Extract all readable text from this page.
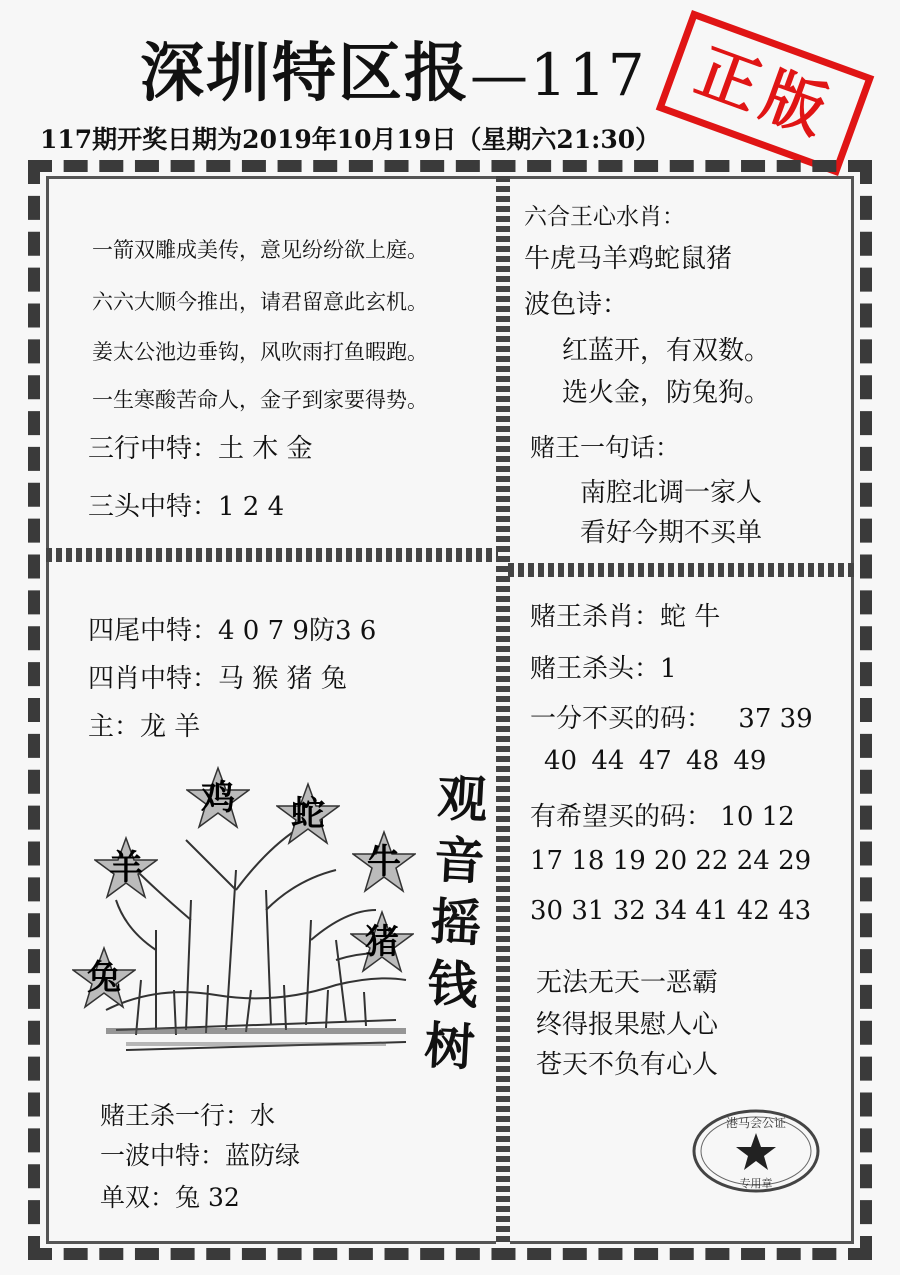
深圳特区报—117
117期开奖日期为2019年10月19日（星期六21:30） 正版
一箭双雕成美传，意见纷纷欲上庭。
六六大顺今推出，请君留意此玄机。
姜太公池边垂钩，风吹雨打鱼暇跑。
一生寒酸苦命人，金子到家要得势。
三行中特：土 木 金
三头中特：1 2 4
六合王心水肖：
牛虎马羊鸡蛇鼠猪
波色诗：
红蓝开，有双数。
选火金，防兔狗。
赌王一句话：
南腔北调一家人
看好今期不买单
四尾中特：4 0 7 9防3 6
四肖中特：马 猴 猪 兔
主：龙 羊
鸡	蛇
羊	牛
猪
兔
观
音
摇
钱
树
赌王杀一行：水
一波中特：蓝防绿
单双：兔 32
赌王杀肖：蛇 牛
赌王杀头：1
一分不买的码： 37 39
40 44 47 48 49
有希望买的码： 10 12
17 18 19 20 22 24 29
30 31 32 34 41 42 43
无法无天一恶霸
终得报果慰人心
苍天不负有心人
港马会公证
专用章
